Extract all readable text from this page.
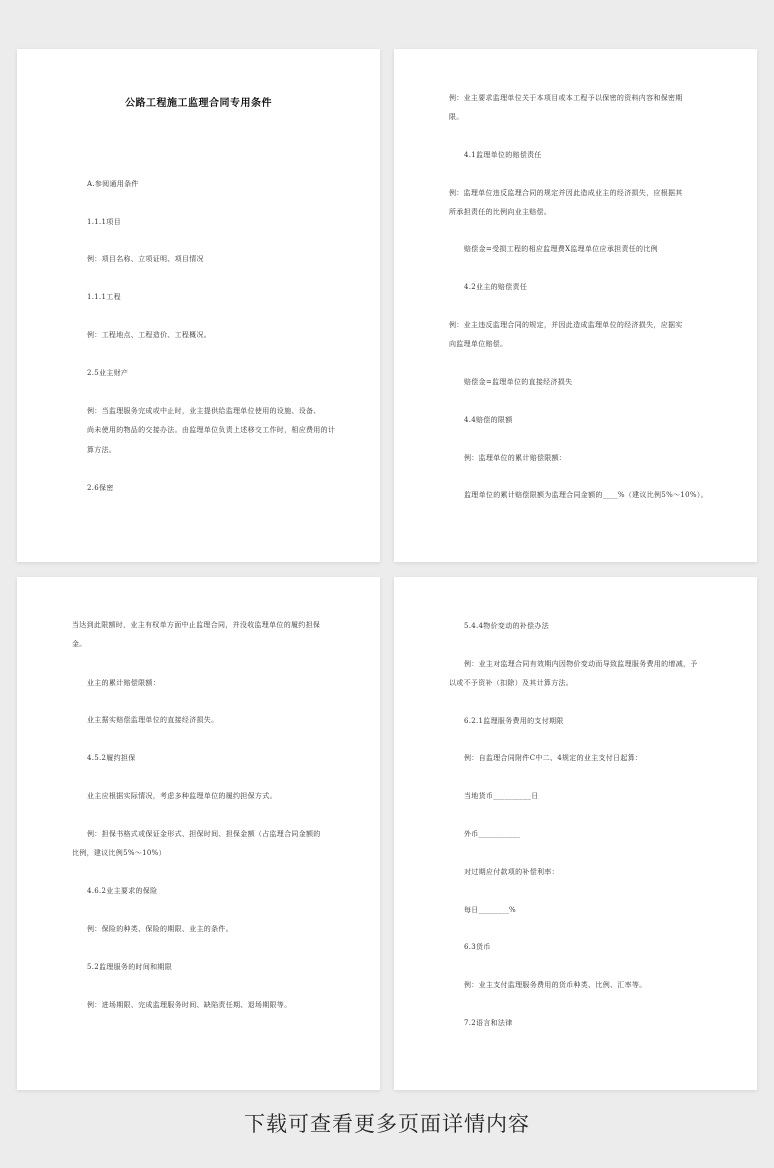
公路工程施工监理合同专用条件
A.参阅通用条件
1.1.1项目
例：项目名称、立项证明、项目情况
1.1.1工程
例：工程地点、工程造价、工程概况。
2.5业主财产
例：当监理服务完成或中止时，业主提供给监理单位使用的设施、设备、
尚未使用的物品的交接办法。由监理单位负责上述移交工作时，相应费用的计
算方法。
2.6保密
例：业主要求监理单位关于本项目或本工程予以保密的资料内容和保密期
限。
4.1监理单位的赔偿责任
例：监理单位违反监理合同的规定并因此造成业主的经济损失，应根据其
所承担责任的比例向业主赔偿。
赔偿金=受损工程的相应监理费X监理单位应承担责任的比例
4.2业主的赔偿责任
例：业主违反监理合同的规定，并因此造成监理单位的经济损失，应据实
向监理单位赔偿。
赔偿金=监理单位的直接经济损失
4.4赔偿的限额
例：监理单位的累计赔偿限额：
监理单位的累计赔偿限额为监理合同金额的____%（建议比例5%～10%）。
当达到此限额时，业主有权单方面中止监理合同，并没收监理单位的履约担保
金。
业主的累计赔偿限额：
业主据实赔偿监理单位的直接经济损失。
4.5.2履约担保
业主应根据实际情况，考虑多种监理单位的履约担保方式。
例：担保书格式或保证金形式、担保时间、担保金额（占监理合同金额的
比例，建议比例5%～10%）
4.6.2业主要求的保险
例：保险的种类、保险的期限、业主的条件。
5.2监理服务的时间和期限
例：进场期限、完成监理服务时间、缺陷责任期、退场期限等。
5.4.4物价变动的补偿办法
例：业主对监理合同有效期内因物价变动而导致监理服务费用的增减，予
以或不予资补（扣除）及其计算方法。
6.2.1监理服务费用的支付期限
例：自监理合同附件C中二、4规定的业主支付日起算：
当地货币__________日
外币___________
对过期应付款项的补偿利率：
每日________%
6.3货币
例：业主支付监理服务费用的货币种类、比例、汇率等。
7.2语言和法律
下载可查看更多页面详情内容
